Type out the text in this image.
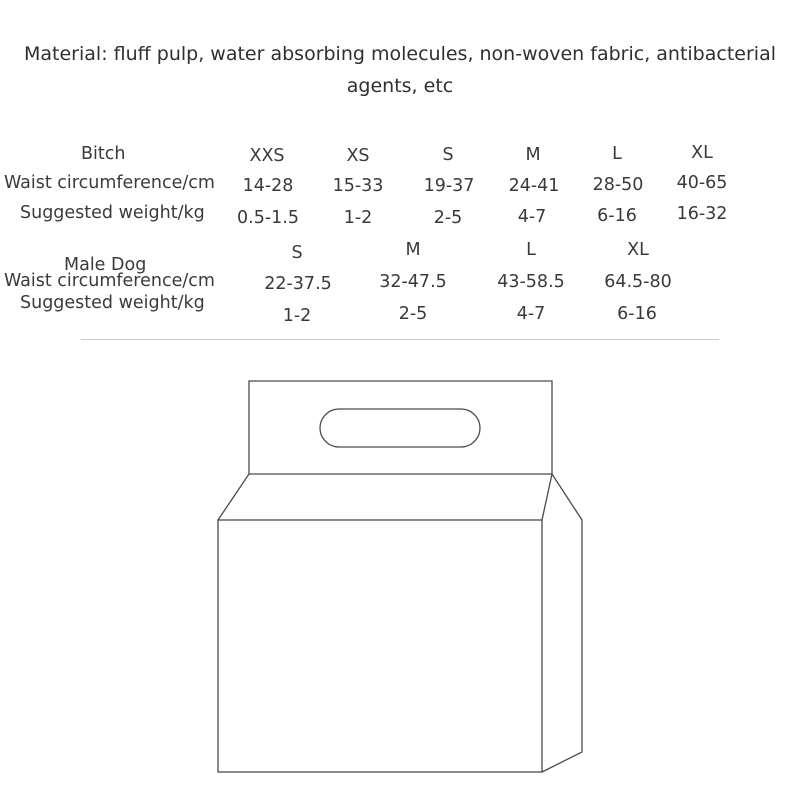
Material: fluff pulp, water absorbing molecules, non-woven fabric, antibacterial
agents, etc
Bitch
Waist circumference/cm
Suggested weight/kg
XXS	XS	S	M	L	XL
14-28 15-33 19-37 24-41 28-50 40-65
0.5-1.5	1-2	2-5	4-7	6-16 16-32
Male Dog
Waist circumference/cm
Suggested weight/kg
S	M	L	XL
22-37.5	32-47.5	43-58.5 64.5-80
1-2	2-5	4-7	6-16
